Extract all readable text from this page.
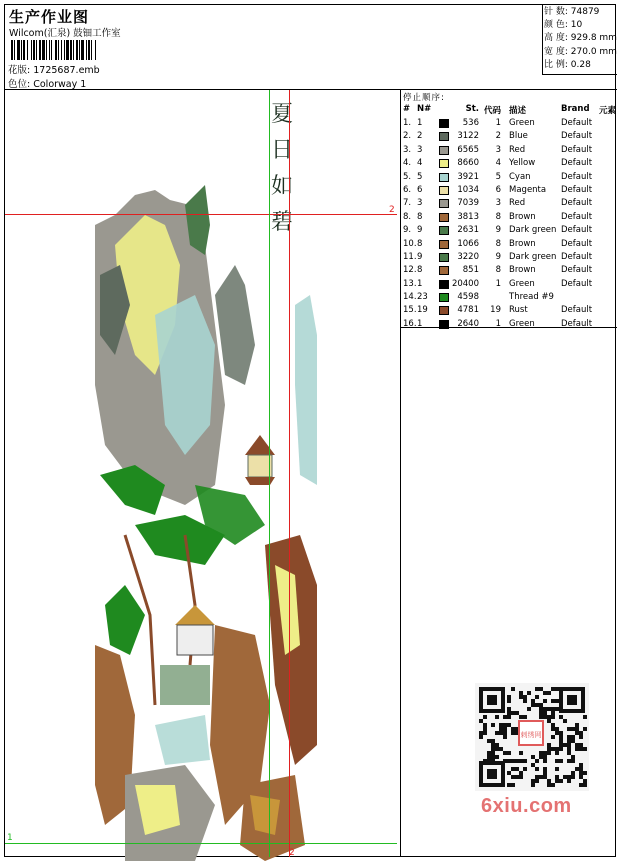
生产作业图
Wilcom(汇泉) 鼓钿工作室
花版: 1725687.emb
色位: Colorway 1
针 数: 74879
颜 色: 10
高 度: 929.8 mm
宽 度: 270.0 mm
比 例: 0.28
停止顺序:
# N#	St. 代码 描述	Brand	元素
1. 1	536	1 Green	Default
2. 2	3122	2 Blue	Default
3. 3	6565	3 Red	Default
4. 4	8660	4 Yellow	Default
5. 5	3921	5 Cyan	Default
6. 6	1034	6 Magenta	Default
7. 3	7039	3 Red	Default
8. 8	3813	8 Brown	Default
9. 9	2631	9 Dark green Default
10. 8	1066	8 Brown	Default
11. 9	3220	9 Dark green Default
12. 8	851	8 Brown	Default
13. 1	20400	1 Green	Default
14. 23	4598	Thread #9
15. 19	4781	19 Rust	Default
16. 1	2640	1 Green	Default
夏
日
如
碧	2
1
2
刺绣网
6xiu.com
